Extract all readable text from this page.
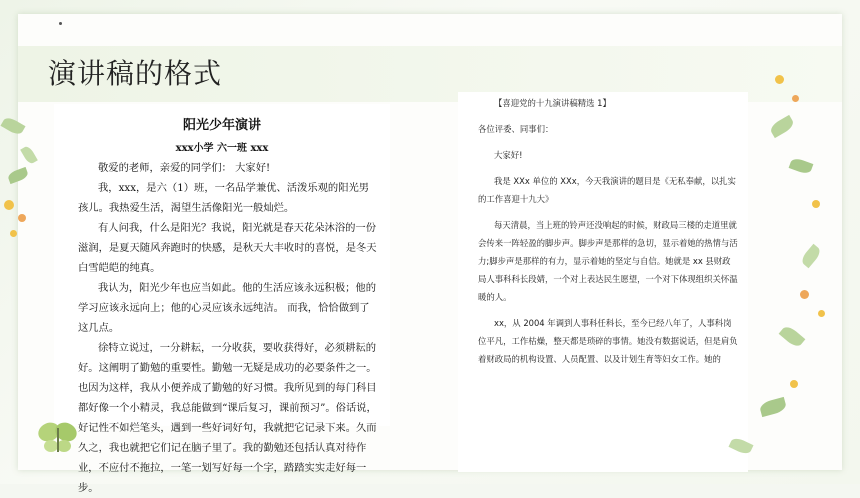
演讲稿的格式
阳光少年演讲
xxx小学 六一班 xxx

敬爱的老师，亲爱的同学们： 大家好!

我，xxx，是六（1）班，一名品学兼优、活泼乐观的阳光男孩儿。我热爱生活，渴望生活像阳光一般灿烂。

有人问我，什么是阳光？我说，阳光就是春天花朵沐浴的一份滋润，是夏天随风奔跑时的快感，是秋天大丰收时的喜悦，是冬天白雪皑皑的纯真。

我认为，阳光少年也应当如此。他的生活应该永远积极；他的学习应该永远向上；他的心灵应该永远纯洁。 而我，恰恰做到了这几点。

徐特立说过，一分耕耘，一分收获，要收获得好，必须耕耘的好。这阐明了勤勉的重要性。勤勉一无疑是成功的必要条件之一。也因为这样，我从小便养成了勤勉的好习惯。我所见到的每门科目都好像一个小精灵，我总能做到“课后复习，课前预习”。俗话说，好记性不如烂笔头，遇到一些好词好句，我就把它记录下来。久而久之，我也就把它们记在脑子里了。我的勤勉还包括认真对待作业，不应付不拖拉，一笔一划写好每一个字，踏踏实实走好每一步。

【喜迎党的十九演讲稿精选 1】

各位评委、同事们：

大家好!

我是 XXx 单位的 XXx，今天我演讲的题目是《无私奉献，以扎实的工作喜迎十九大》

每天清晨，当上班的铃声还没响起的时候，财政局三楼的走道里就会传来一阵轻盈的脚步声。脚步声是那样的急切，显示着她的热情与活力;脚步声是那样的有力，显示着她的坚定与自信。她就是 xx 县财政局人事科科长段婧，一个对上表达民生愿望，一个对下体现组织关怀温暖的人。

xx，从 2004 年调到人事科任科长，至今已经八年了，人事科岗位平凡，工作枯燥，整天都是琐碎的事情。她没有数据说话，但是肩负着财政局的机构设置、人员配置、以及计划生育等妇女工作。她的
